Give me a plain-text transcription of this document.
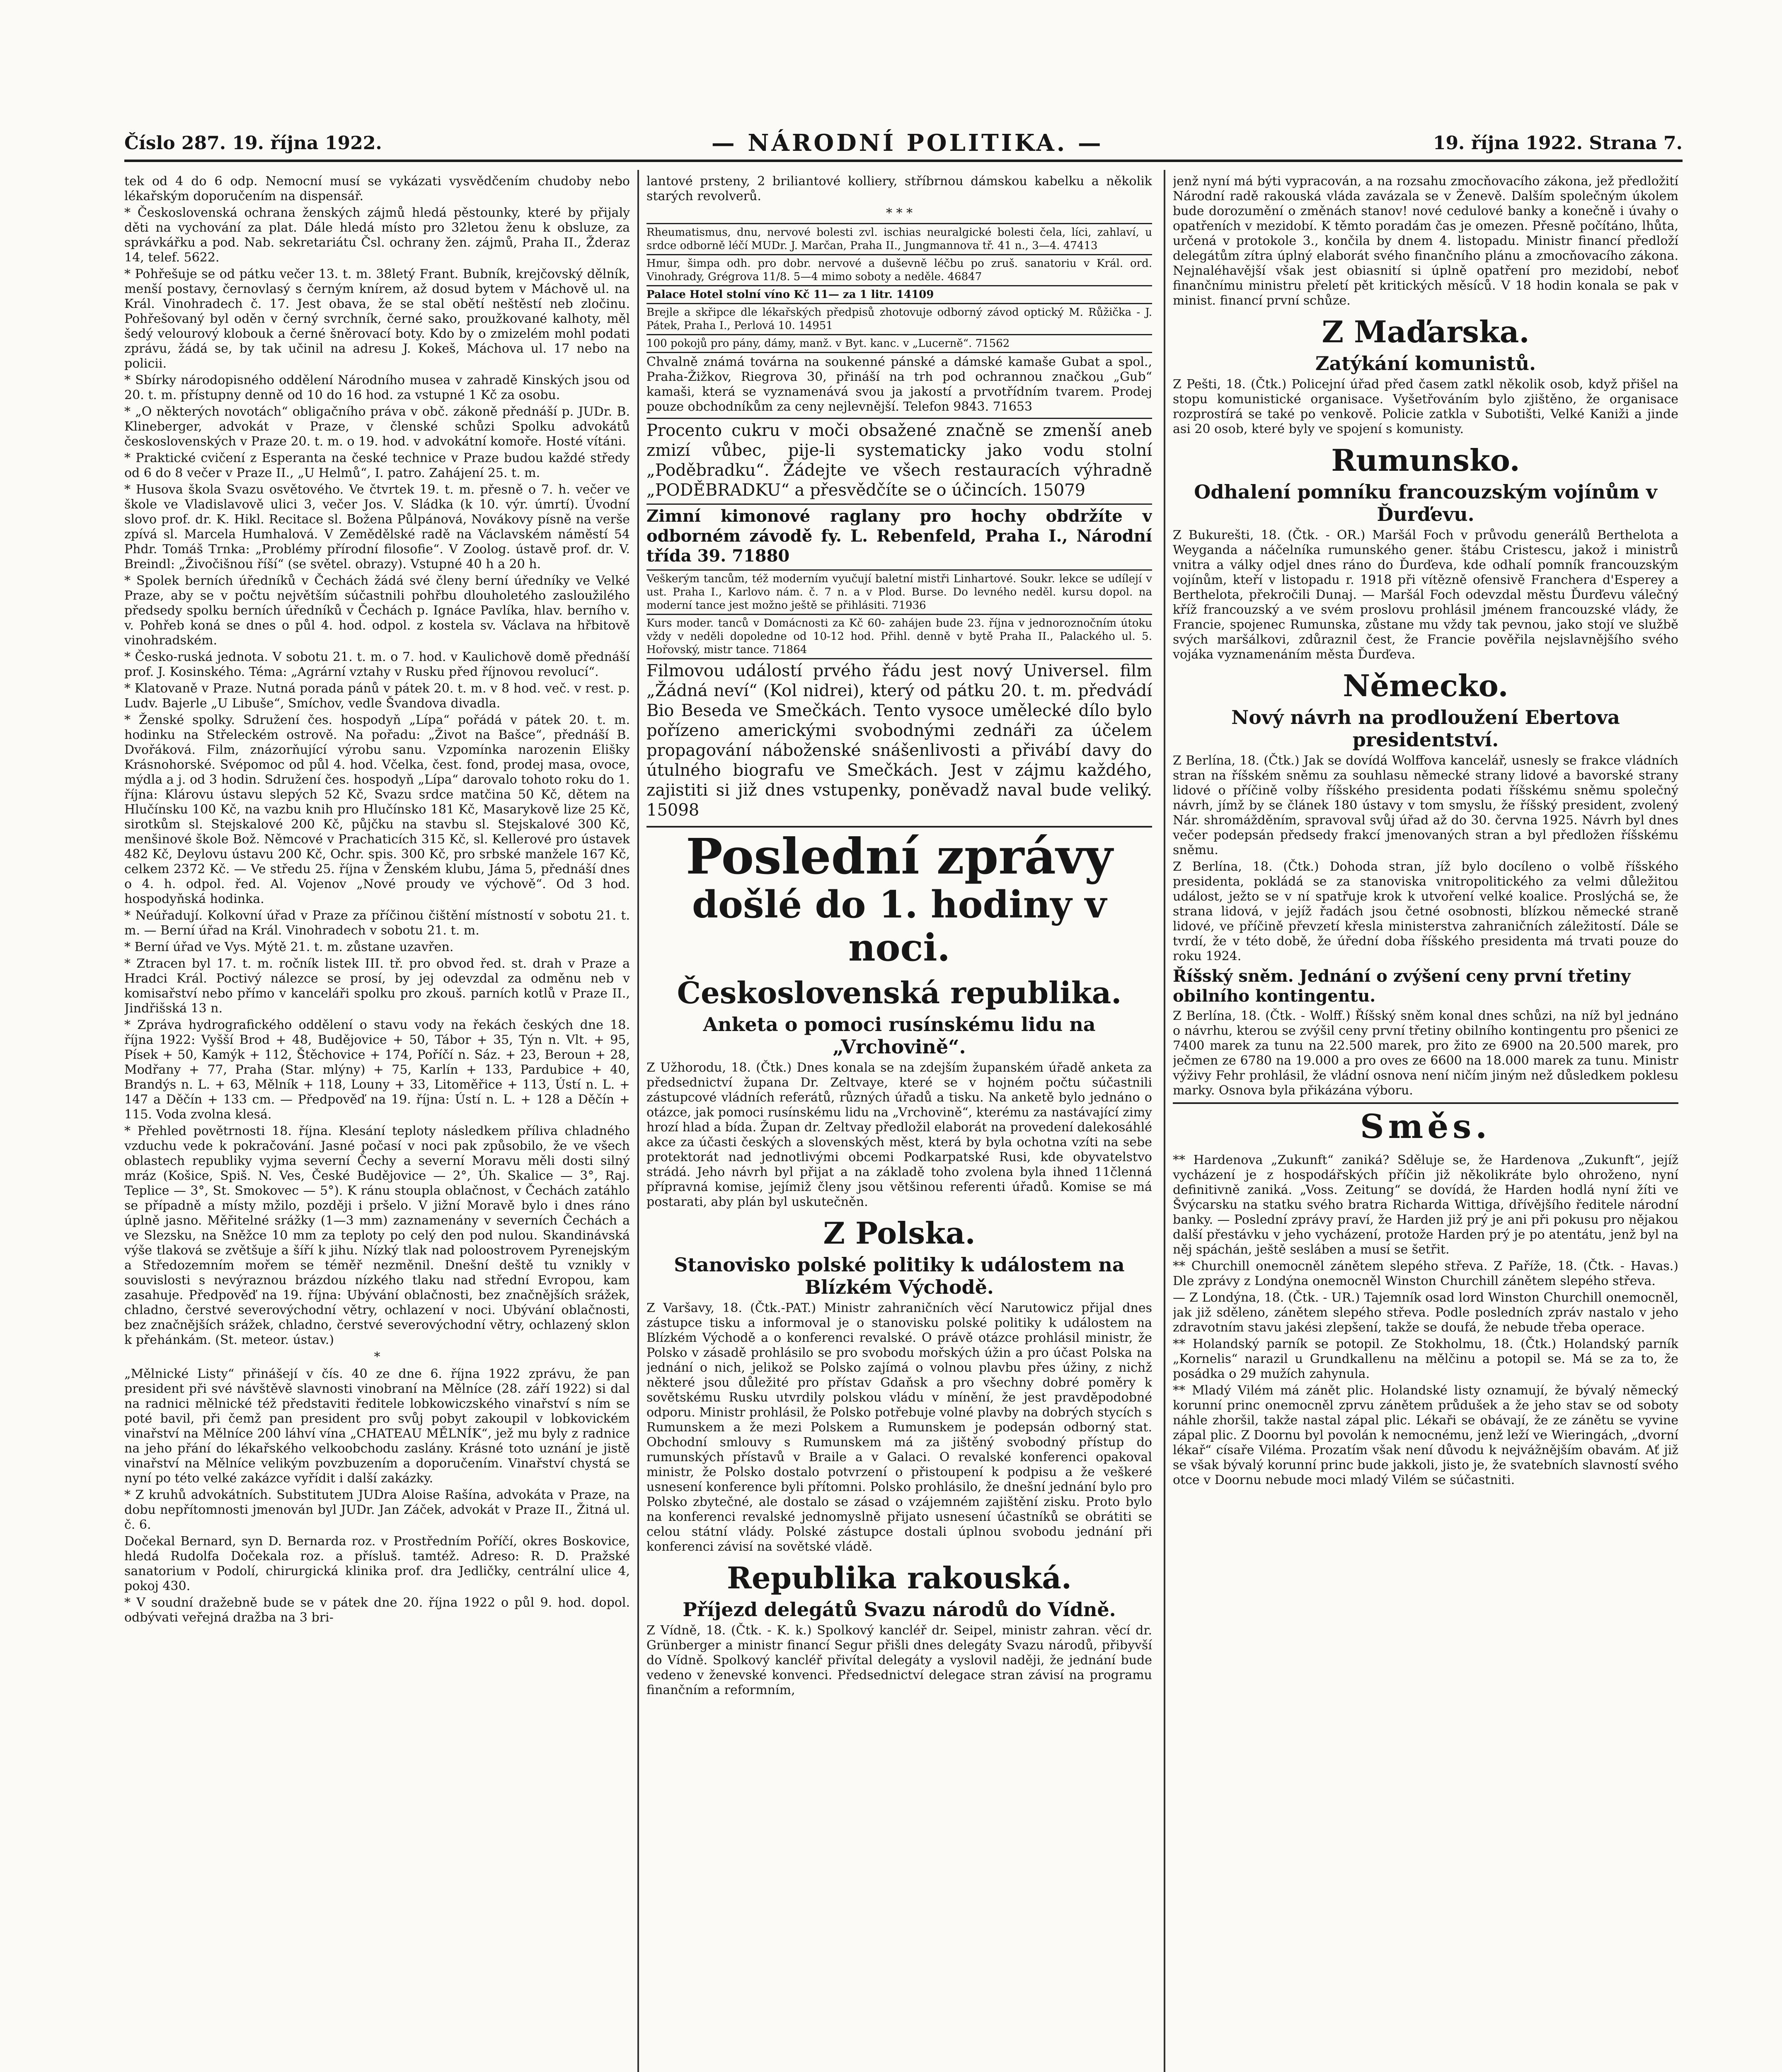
Číslo 287. 19. října 1922.	— NÁRODNÍ POLITIKA. —	19. října 1922. Strana 7.

tek od 4 do 6 odp. Nemocní musí se vykázati vysvědčením chudoby nebo lékařským doporučením na dispensář.

* Československá ochrana ženských zájmů hledá pěstounky, které by přijaly děti na vychování za plat. Dále hledá místo pro 32letou ženu k obsluze, za správkářku a pod. Nab. sekretariátu Čsl. ochrany žen. zájmů, Praha II., Žderaz 14, telef. 5622.

* Pohřešuje se od pátku večer 13. t. m. 38letý Frant. Bubník, krejčovský dělník, menší postavy, černovlasý s černým knírem, až dosud bytem v Máchově ul. na Král. Vinohradech č. 17. Jest obava, že se stal obětí neštěstí neb zločinu. Pohřešovaný byl oděn v černý svrchník, černé sako, proužkované kalhoty, měl šedý velourový klobouk a černé šněrovací boty. Kdo by o zmizelém mohl podati zprávu, žádá se, by tak učinil na adresu J. Kokeš, Máchova ul. 17 nebo na policii.

* Sbírky národopisného oddělení Národního musea v zahradě Kinských jsou od 20. t. m. přístupny denně od 10 do 16 hod. za vstupné 1 Kč za osobu.

* „O některých novotách“ obligačního práva v obč. zákoně přednáší p. JUDr. B. Klineberger, advokát v Praze, v členské schůzi Spolku advokátů československých v Praze 20. t. m. o 19. hod. v advokátní komoře. Hosté vítáni.

* Praktické cvičení z Esperanta na české technice v Praze budou každé středy od 6 do 8 večer v Praze II., „U Helmů“, I. patro. Zahájení 25. t. m.

* Husova škola Svazu osvětového. Ve čtvrtek 19. t. m. přesně o 7. h. večer ve škole ve Vladislavově ulici 3, večer Jos. V. Sládka (k 10. výr. úmrtí). Úvodní slovo prof. dr. K. Hikl. Recitace sl. Božena Půlpánová, Novákovy písně na verše zpívá sl. Marcela Humhalová. V Zemědělské radě na Václavském náměstí 54 Phdr. Tomáš Trnka: „Problémy přírodní filosofie“. V Zoolog. ústavě prof. dr. V. Breindl: „Živočišnou říší“ (se světel. obrazy). Vstupné 40 h a 20 h.

* Spolek berních úředníků v Čechách žádá své členy berní úředníky ve Velké Praze, aby se v počtu největším súčastnili pohřbu dlouholetého zasloužilého předsedy spolku berních úředníků v Čechách p. Ignáce Pavlíka, hlav. berního v. v. Pohřeb koná se dnes o půl 4. hod. odpol. z kostela sv. Václava na hřbitově vinohradském.

* Česko-ruská jednota. V sobotu 21. t. m. o 7. hod. v Kaulichově domě přednáší prof. J. Kosinského. Téma: „Agrární vztahy v Rusku před říjnovou revolucí“.

* Klatovaně v Praze. Nutná porada pánů v pátek 20. t. m. v 8 hod. več. v rest. p. Ludv. Bajerle „U Libuše“, Smíchov, vedle Švandova divadla.

* Ženské spolky. Sdružení čes. hospodyň „Lípa“ pořádá v pátek 20. t. m. hodinku na Střeleckém ostrově. Na pořadu: „Život na Bašce“, přednáší B. Dvořáková. Film, znázorňující výrobu sanu. Vzpomínka narozenin Elišky Krásnohorské. Svépomoc od půl 4. hod. Včelka, čest. fond, prodej masa, ovoce, mýdla a j. od 3 hodin. Sdružení čes. hospodyň „Lípa“ darovalo tohoto roku do 1. října: Klárovu ústavu slepých 52 Kč, Svazu srdce matčina 50 Kč, dětem na Hlučínsku 100 Kč, na vazbu knih pro Hlučínsko 181 Kč, Masarykově lize 25 Kč, sirotkům sl. Stejskalové 200 Kč, půjčku na stavbu sl. Stejskalové 300 Kč, menšinové škole Bož. Němcové v Prachaticích 315 Kč, sl. Kellerové pro ústavek 482 Kč, Deylovu ústavu 200 Kč, Ochr. spis. 300 Kč, pro srbské manžele 167 Kč, celkem 2372 Kč. — Ve středu 25. října v Ženském klubu, Jáma 5, přednáší dnes o 4. h. odpol. řed. Al. Vojenov „Nové proudy ve výchově“. Od 3 hod. hospodyňská hodinka.

* Neúřadují. Kolkovní úřad v Praze za příčinou čištění místností v sobotu 21. t. m. — Berní úřad na Král. Vinohradech v sobotu 21. t. m.

* Berní úřad ve Vys. Mýtě 21. t. m. zůstane uzavřen.

* Ztracen byl 17. t. m. ročník listek III. tř. pro obvod řed. st. drah v Praze a Hradci Král. Poctivý nálezce se prosí, by jej odevzdal za odměnu neb v komisařství nebo přímo v kanceláři spolku pro zkouš. parních kotlů v Praze II., Jindřišská 13 n.

* Zpráva hydrografického oddělení o stavu vody na řekách českých dne 18. října 1922: Vyšší Brod + 48, Budějovice + 50, Tábor + 35, Týn n. Vlt. + 95, Písek + 50, Kamýk + 112, Štěchovice + 174, Poříčí n. Sáz. + 23, Beroun + 28, Modřany + 77, Praha (Star. mlýny) + 75, Karlín + 133, Pardubice + 40, Brandýs n. L. + 63, Mělník + 118, Louny + 33, Litoměřice + 113, Ústí n. L. + 147 a Děčín + 133 cm. — Předpověď na 19. října: Ústí n. L. + 128 a Děčín + 115. Voda zvolna klesá.

* Přehled povětrnosti 18. října. Klesání teploty následkem příliva chladného vzduchu vede k pokračování. Jasné počasí v noci pak způsobilo, že ve všech oblastech republiky vyjma severní Čechy a severní Moravu měli dosti silný mráz (Košice, Spiš. N. Ves, České Budějovice — 2°, Úh. Skalice — 3°, Raj. Teplice — 3°, St. Smokovec — 5°). K ránu stoupla oblačnost, v Čechách zatáhlo se případně a místy mžilo, později i pršelo. V jižní Moravě bylo i dnes ráno úplně jasno. Měřitelné srážky (1—3 mm) zaznamenány v severních Čechách a ve Slezsku, na Sněžce 10 mm za teploty po celý den pod nulou. Skandinávská výše tlaková se zvětšuje a šíří k jihu. Nízký tlak nad poloostrovem Pyrenejským a Středozemním mořem se téměř nezměnil. Dnešní deště tu vznikly v souvislosti s nevýraznou brázdou nízkého tlaku nad střední Evropou, kam zasahuje. Předpověď na 19. října: Ubývání oblačnosti, bez značnějších srážek, chladno, čerstvé severovýchodní větry, ochlazení v noci. Ubývání oblačnosti, bez značnějších srážek, chladno, čerstvé severovýchodní větry, ochlazený sklon k přehánkám. (St. meteor. ústav.)

*

„Mělnické Listy“ přinášejí v čís. 40 ze dne 6. října 1922 zprávu, že pan president při své návštěvě slavnosti vinobraní na Mělníce (28. září 1922) si dal na radnici mělnické též představiti ředitele lobkowiczského vinařství s ním se poté bavil, při čemž pan president pro svůj pobyt zakoupil v lobkovickém vinařství na Mělníce 200 láhví vína „CHATEAU MĚLNÍK“, jež mu byly z radnice na jeho přání do lékařského velkoobchodu zaslány. Krásné toto uznání je jistě vinařství na Mělníce velikým povzbuzením a doporučením. Vinařství chystá se nyní po této velké zakázce vyřídit i další zakázky.

* Z kruhů advokátních. Substitutem JUDra Aloise Rašína, advokáta v Praze, na dobu nepřítomnosti jmenován byl JUDr. Jan Záček, advokát v Praze II., Žitná ul. č. 6.

Dočekal Bernard, syn D. Bernarda roz. v Prostředním Poříčí, okres Boskovice, hledá Rudolfa Dočekala roz. a přísluš. tamtéž. Adreso: R. D. Pražské sanatorium v Podolí, chirurgická klinika prof. dra Jedličky, centrální ulice 4, pokoj 430.

* V soudní dražebně bude se v pátek dne 20. října 1922 o půl 9. hod. dopol. odbývati veřejná dražba na 3 bri-

lantové prsteny, 2 briliantové kolliery, stříbrnou dámskou kabelku a několik starých revolverů.

* * *

Rheumatismus, dnu, nervové bolesti zvl. ischias neuralgické bolesti čela, líci, zahlaví, u srdce odborně léčí MUDr. J. Marčan, Praha II., Jungmannova tř. 41 n., 3—4. 47413

Hmur, šimpa odh. pro dobr. nervové a duševně léčbu po zruš. sanatoriu v Král. ord. Vinohrady, Grégrova 11/8. 5—4 mimo soboty a neděle. 46847

Palace Hotel stolní víno Kč 11— za 1 litr. 14109

Brejle a skřipce dle lékařských předpisů zhotovuje odborný závod optický M. Růžička - J. Pátek, Praha I., Perlová 10. 14951

100 pokojů pro pány, dámy, manž. v Byt. kanc. v „Lucerně“. 71562

Chvalně známá továrna na soukenné pánské a dámské kamaše Gubat a spol., Praha-Žižkov, Riegrova 30, přináší na trh pod ochrannou značkou „Gub“ kamaši, která se vyznamenává svou ja jakostí a prvotřídním tvarem. Prodej pouze obchodníkům za ceny nejlevnější. Telefon 9843. 71653

Procento cukru v moči obsažené značně se zmenší aneb zmizí vůbec, pije-li systematicky jako vodu stolní „Poděbradku“. Žádejte ve všech restauracích výhradně „PODĚBRADKU“ a přesvědčíte se o účincích. 15079

Zimní kimonové raglany pro hochy obdržíte v odborném závodě fy. L. Rebenfeld, Praha I., Národní třída 39. 71880

Veškerým tancům, též moderním vyučují baletní mistři Linhartové. Soukr. lekce se udílejí v ust. Praha I., Karlovo nám. č. 7 n. a v Plod. Burse. Do levného neděl. kursu dopol. na moderní tance jest možno ještě se přihlásiti. 71936

Kurs moder. tanců v Domácnosti za Kč 60- zahájen bude 23. října v jednoroznočním útoku vždy v neděli dopoledne od 10-12 hod. Přihl. denně v bytě Praha II., Palackého ul. 5. Hořovský, mistr tance. 71864

Filmovou událostí prvého řádu jest nový Universel. film „Žádná neví“ (Kol nidrei), který od pátku 20. t. m. předvádí Bio Beseda ve Smečkách. Tento vysoce umělecké dílo bylo pořízeno americkými svobodnými zednáři za účelem propagování náboženské snášenlivosti a přivábí davy do útulného biografu ve Smečkách. Jest v zájmu každého, zajistiti si již dnes vstupenky, poněvadž naval bude veliký. 15098

Poslední zprávy
došlé do 1. hodiny v noci.
Československá republika.
Anketa o pomoci rusínskému lidu na „Vrchovině“.

Z Užhorodu, 18. (Čtk.) Dnes konala se na zdejším županském úřadě anketa za předsednictví župana Dr. Zeltvaye, které se v hojném počtu súčastnili zástupcové vládních referátů, různých úřadů a tisku. Na anketě bylo jednáno o otázce, jak pomoci rusínskému lidu na „Vrchovině“, kterému za nastávající zimy hrozí hlad a bída. Župan dr. Zeltvay předložil elaborát na provedení dalekosáhlé akce za účasti českých a slovenských měst, která by byla ochotna vzíti na sebe protektorát nad jednotlivými obcemi Podkarpatské Rusi, kde obyvatelstvo strádá. Jeho návrh byl přijat a na základě toho zvolena byla ihned 11členná přípravná komise, jejímiž členy jsou většinou referenti úřadů. Komise se má postarati, aby plán byl uskutečněn.

Z Polska.
Stanovisko polské politiky k událostem na Blízkém Východě.

Z Varšavy, 18. (Čtk.-PAT.) Ministr zahraničních věcí Narutowicz přijal dnes zástupce tisku a informoval je o stanovisku polské politiky k událostem na Blízkém Východě a o konferenci revalské. O právě otázce prohlásil ministr, že Polsko v zásadě prohlásilo se pro svobodu mořských úžin a pro účast Polska na jednání o nich, jelikož se Polsko zajímá o volnou plavbu přes úžiny, z nichž některé jsou důležité pro přístav Gdaňsk a pro všechny dobré poměry k sovětskému Rusku utvrdily polskou vládu v mínění, že jest pravděpodobné odporu. Ministr prohlásil, že Polsko potřebuje volné plavby na dobrých stycích s Rumunskem a že mezi Polskem a Rumunskem je podepsán odborný stat. Obchodní smlouvy s Rumunskem má za jištěný svobodný přístup do rumunských přístavů v Braile a v Galaci. O revalské konferenci opakoval ministr, že Polsko dostalo potvrzení o přistoupení k podpisu a že veškeré usnesení konference byli přítomni. Polsko prohlásilo, že dnešní jednání bylo pro Polsko zbytečné, ale dostalo se zásad o vzájemném zajištění zisku. Proto bylo na konferenci revalské jednomyslně přijato usnesení účastníků se obrátiti se celou státní vlády. Polské zástupce dostali úplnou svobodu jednání při konferenci závisí na sovětské vládě.

Republika rakouská.
Příjezd delegátů Svazu národů do Vídně.

Z Vídně, 18. (Čtk. - K. k.) Spolkový kancléř dr. Seipel, ministr zahran. věcí dr. Grünberger a ministr financí Segur přišli dnes delegáty Svazu národů, přibyvší do Vídně. Spolkový kancléř přivítal delegáty a vyslovil naději, že jednání bude vedeno v ženevské konvenci. Předsednictví delegace stran závisí na programu finančním a reformním,

jenž nyní má býti vypracován, a na rozsahu zmocňovacího zákona, jež předložití Národní radě rakouská vláda zavázala se v Ženevě. Dalším společným úkolem bude dorozumění o změnách stanov! nové cedulové banky a konečně i úvahy o opatřeních v mezidobí. K těmto poradám čas je omezen. Přesně počítáno, lhůta, určená v protokole 3., končila by dnem 4. listopadu. Ministr financí předloží delegátům zítra úplný elaborát svého finančního plánu a zmocňovacího zákona. Nejnaléhavější však jest obiasnití si úplně opatření pro mezidobí, neboť finančnímu ministru přeletí pět kritických měsíců. V 18 hodin konala se pak v minist. financí první schůze.

Z Maďarska.
Zatýkání komunistů.

Z Pešti, 18. (Čtk.) Policejní úřad před časem zatkl několik osob, když přišel na stopu komunistické organisace. Vyšetřováním bylo zjištěno, že organisace rozprostírá se také po venkově. Policie zatkla v Subotišti, Velké Kaniži a jinde asi 20 osob, které byly ve spojení s komunisty.

Rumunsko.
Odhalení pomníku francouzským vojínům v Ďurďevu.

Z Bukurešti, 18. (Čtk. - OR.) Maršál Foch v průvodu generálů Berthelota a Weyganda a náčelníka rumunského gener. štábu Cristescu, jakož i ministrů vnitra a války odjel dnes ráno do Ďurďeva, kde odhalí pomník francouzským vojínům, kteří v listopadu r. 1918 při vítězně ofensivě Franchera d'Esperey a Berthelota, překročili Dunaj. — Maršál Foch odevzdal městu Ďurďevu válečný kříž francouzský a ve svém proslovu prohlásil jménem francouzské vlády, že Francie, spojenec Rumunska, zůstane mu vždy tak pevnou, jako stojí ve službě svých maršálkovi, zdůraznil čest, že Francie pověřila nejslavnějšího svého vojáka vyznamenáním města Ďurďeva.

Německo.
Nový návrh na prodloužení Ebertova presidentství.

Z Berlína, 18. (Čtk.) Jak se dovídá Wolffova kancelář, usnesly se frakce vládních stran na říšském sněmu za souhlasu německé strany lidové a bavorské strany lidové o příčině volby říšského presidenta podati říšskému sněmu společný návrh, jímž by se článek 180 ústavy v tom smyslu, že říšský president, zvolený Nár. shromážděním, spravoval svůj úřad až do 30. června 1925. Návrh byl dnes večer podepsán předsedy frakcí jmenovaných stran a byl předložen říšskému sněmu.

Z Berlína, 18. (Čtk.) Dohoda stran, jíž bylo docíleno o volbě říšského presidenta, pokládá se za stanoviska vnitropolitického za velmi důležitou událost, ježto se v ní spatřuje krok k utvoření velké koalice. Proslýchá se, že strana lidová, v jejíž řadách jsou četné osobnosti, blízkou německé straně lidové, ve příčině převzetí křesla ministerstva zahraničních záležitostí. Dále se tvrdí, že v této době, že úřední doba říšského presidenta má trvati pouze do roku 1924.

Říšský sněm. Jednání o zvýšení ceny první třetiny obilního kontingentu.

Z Berlína, 18. (Čtk. - Wolff.) Říšský sněm konal dnes schůzi, na níž byl jednáno o návrhu, kterou se zvýšil ceny první třetiny obilního kontingentu pro pšenici ze 7400 marek za tunu na 22.500 marek, pro žito ze 6900 na 20.500 marek, pro ječmen ze 6780 na 19.000 a pro oves ze 6600 na 18.000 marek za tunu. Ministr výživy Fehr prohlásil, že vládní osnova není ničím jiným než důsledkem poklesu marky. Osnova byla přikázána výboru.

Směs.

** Hardenova „Zukunft“ zaniká? Sděluje se, že Hardenova „Zukunft“, jejíž vycházení je z hospodářských příčin již několikráte bylo ohroženo, nyní definitivně zaniká. „Voss. Zeitung“ se dovídá, že Harden hodlá nyní žíti ve Švýcarsku na statku svého bratra Richarda Wittiga, dřívějšího ředitele národní banky. — Poslední zprávy praví, že Harden již prý je ani při pokusu pro nějakou další přestávku v jeho vycházení, protože Harden prý je po atentátu, jenž byl na něj spáchán, ještě sesláben a musí se šetřit.

** Churchill onemocněl zánětem slepého střeva. Z Paříže, 18. (Čtk. - Havas.) Dle zprávy z Londýna onemocněl Winston Churchill zánětem slepého střeva.

— Z Londýna, 18. (Čtk. - UR.) Tajemník osad lord Winston Churchill onemocněl, jak již sděleno, zánětem slepého střeva. Podle posledních zpráv nastalo v jeho zdravotním stavu jakési zlepšení, takže se doufá, že nebude třeba operace.

** Holandský parník se potopil. Ze Stokholmu, 18. (Čtk.) Holandský parník „Kornelis“ narazil u Grundkallenu na mělčinu a potopil se. Má se za to, že posádka o 29 mužích zahynula.

** Mladý Vilém má zánět plic. Holandské listy oznamují, že bývalý německý korunní princ onemocněl zprvu zánětem průdušek a že jeho stav se od soboty náhle zhoršil, takže nastal zápal plic. Lékaři se obávají, že ze zánětu se vyvine zápal plic. Z Doornu byl povolán k nemocnému, jenž leží ve Wieringách, „dvorní lékař“ císaře Viléma. Prozatím však není důvodu k nejvážnějším obavám. Ať již se však bývalý korunní princ bude jakkoli, jisto je, že svatebních slavností svého otce v Doornu nebude moci mladý Vilém se súčastniti.
